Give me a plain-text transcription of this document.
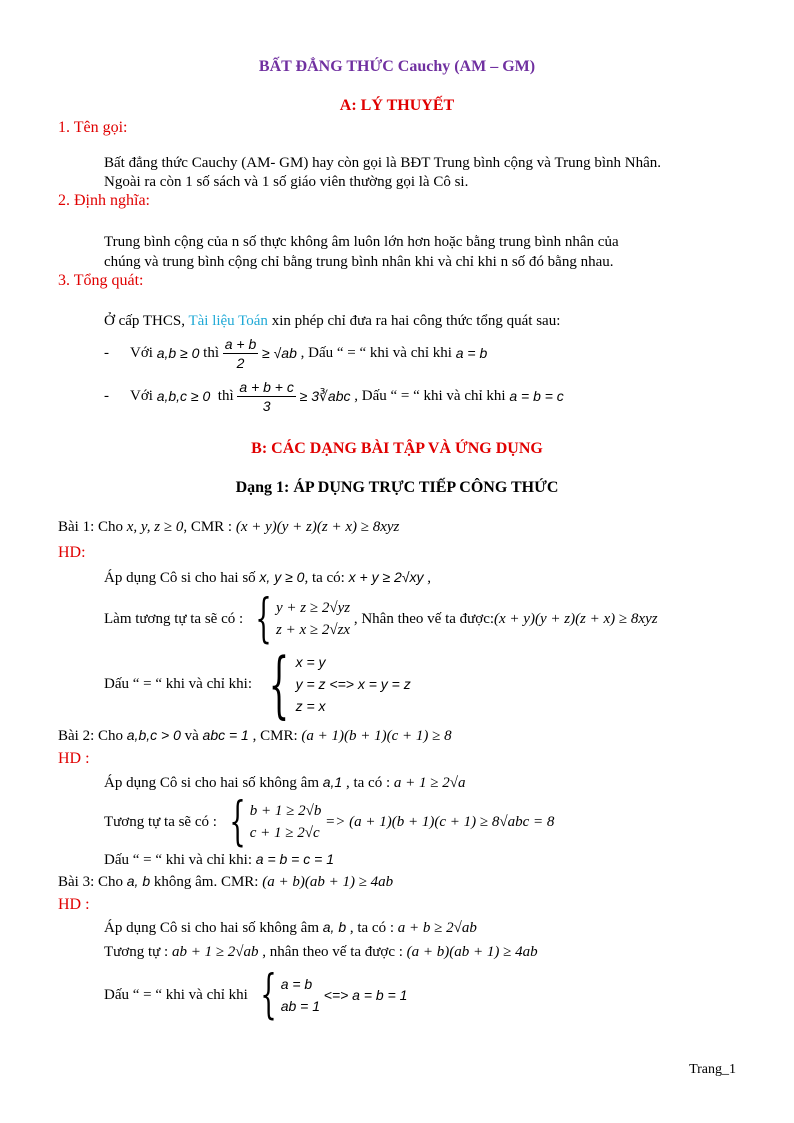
BẤT ĐẲNG THỨC Cauchy (AM – GM)
A: LÝ THUYẾT
1. Tên gọi:
Bất đẳng thức Cauchy (AM- GM) hay còn gọi là BĐT Trung bình cộng và Trung bình Nhân.
Ngoài ra còn 1 số sách và 1 số giáo viên thường gọi là Cô si.
2. Định nghĩa:
Trung bình cộng của n số thực không âm luôn lớn hơn hoặc bằng trung bình nhân của
chúng và trung bình cộng chỉ bằng trung bình nhân khi và chỉ khi n số đó bằng nhau.
3. Tổng quát:
Ở cấp THCS, Tài liệu Toán xin phép chỉ đưa ra hai công thức tổng quát sau:
-	Với
a,b ≥ 0
thì
$\frac{a + b}{2}$
≥ √ab
, Dấu “ = “ khi và chỉ khi
a = b
-	Với
a,b,c ≥ 0
thì
$\frac{a + b + c}{3}$
≥ 3∛abc
, Dấu “ = “ khi và chỉ khi
a = b = c
B: CÁC DẠNG BÀI TẬP VÀ ỨNG DỤNG
Dạng 1: ÁP DỤNG TRỰC TIẾP CÔNG THỨC
Bài 1: Cho x, y, z ≥ 0, CMR : (x + y)(y + z)(z + x) ≥ 8xyz
HD:
Áp dụng Cô si cho hai số x, y ≥ 0, ta có: x + y ≥ 2√xy ,
Làm tương tự ta sẽ có :
{ y + z ≥ 2√yz
z + x ≥ 2√zx

, Nhân theo vế ta được: (x + y)(y + z)(z + x) ≥ 8xyz
Dấu “ = “ khi và chỉ khi:
{ x = y
y = z <=> x = y = z
z = x
Bài 2: Cho a,b,c > 0 và abc = 1 , CMR: (a + 1)(b + 1)(c + 1) ≥ 8
HD :
Áp dụng Cô si cho hai số không âm a,1 , ta có : a + 1 ≥ 2√a
Tương tự ta sẽ có :
{ b + 1 ≥ 2√b
c + 1 ≥ 2√c

=> (a + 1)(b + 1)(c + 1) ≥ 8√abc = 8
Dấu “ = “ khi và chỉ khi: a = b = c = 1
Bài 3: Cho a, b không âm. CMR: (a + b)(ab + 1) ≥ 4ab
HD :
Áp dụng Cô si cho hai số không âm a, b , ta có : a + b ≥ 2√ab
Tương tự : ab + 1 ≥ 2√ab , nhân theo vế ta được : (a + b)(ab + 1) ≥ 4ab
Dấu “ = “ khi và chỉ khi
{ a = b
ab = 1

<=> a = b = 1
Trang_1
